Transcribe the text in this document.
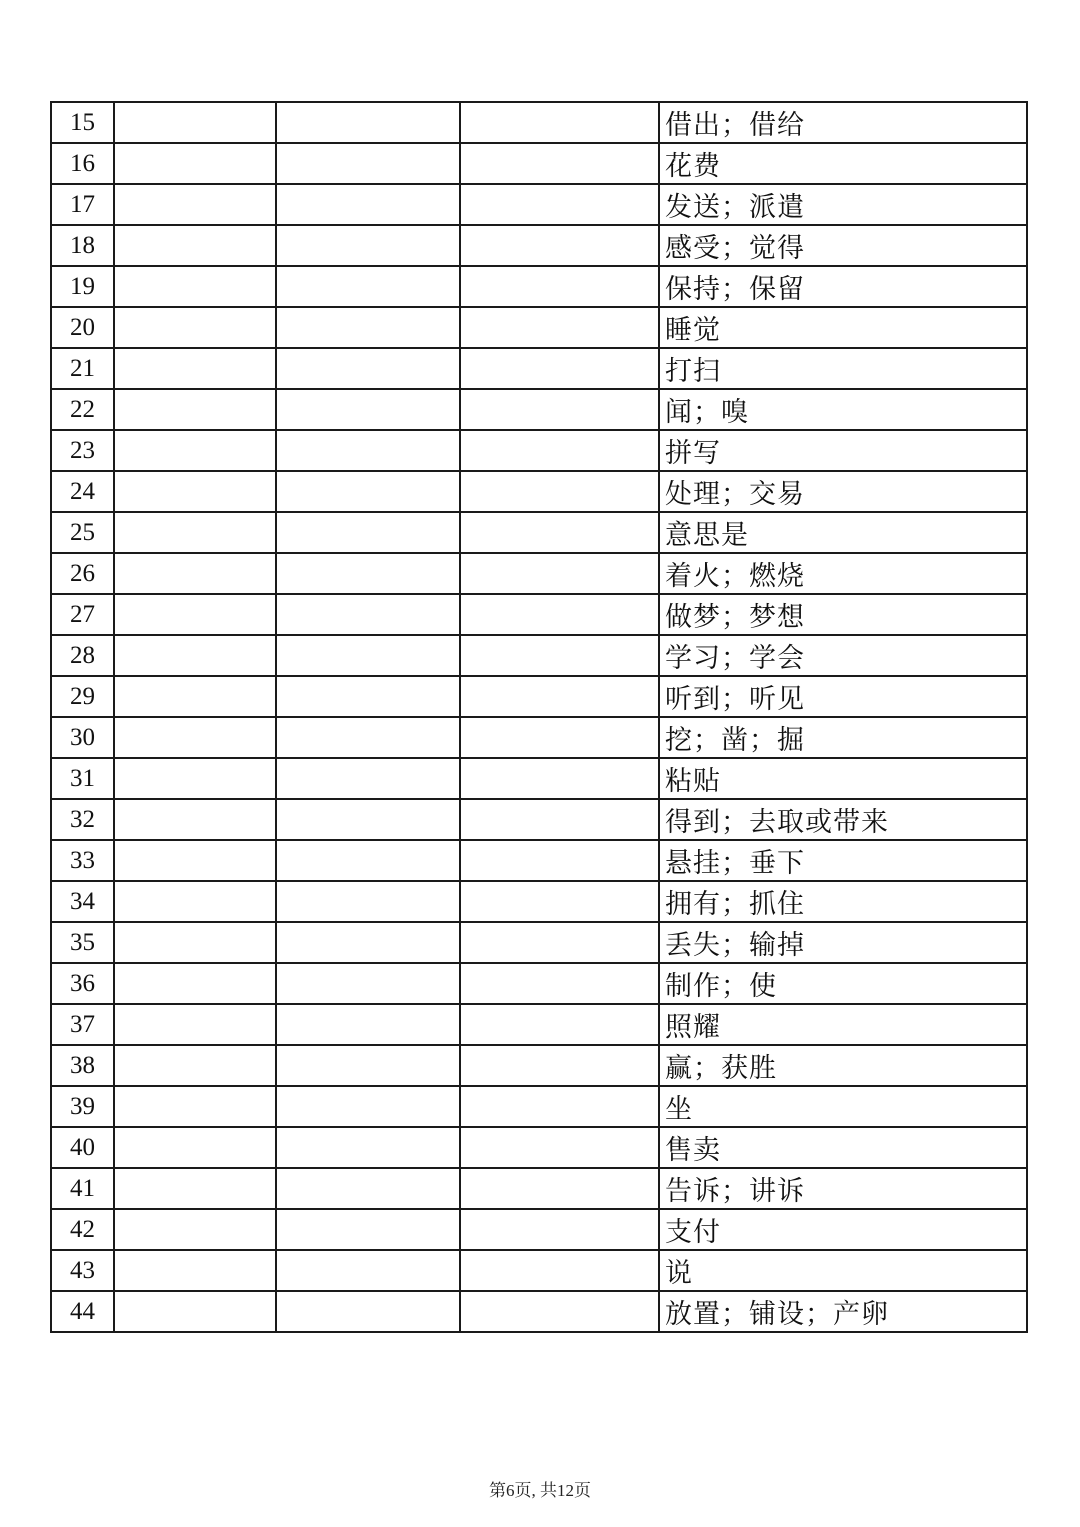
15				借出；借给
16				花费
17				发送；派遣
18				感受；觉得
19				保持；保留
20				睡觉
21				打扫
22				闻；嗅
23				拼写
24				处理；交易
25				意思是
26				着火；燃烧
27				做梦；梦想
28				学习；学会
29				听到；听见
30				挖；凿；掘
31				粘贴
32				得到；去取或带来
33				悬挂；垂下
34				拥有；抓住
35				丢失；输掉
36				制作；使
37				照耀
38				赢；获胜
39				坐
40				售卖
41				告诉；讲诉
42				支付
43				说
44				放置；铺设；产卵
第6页, 共12页
